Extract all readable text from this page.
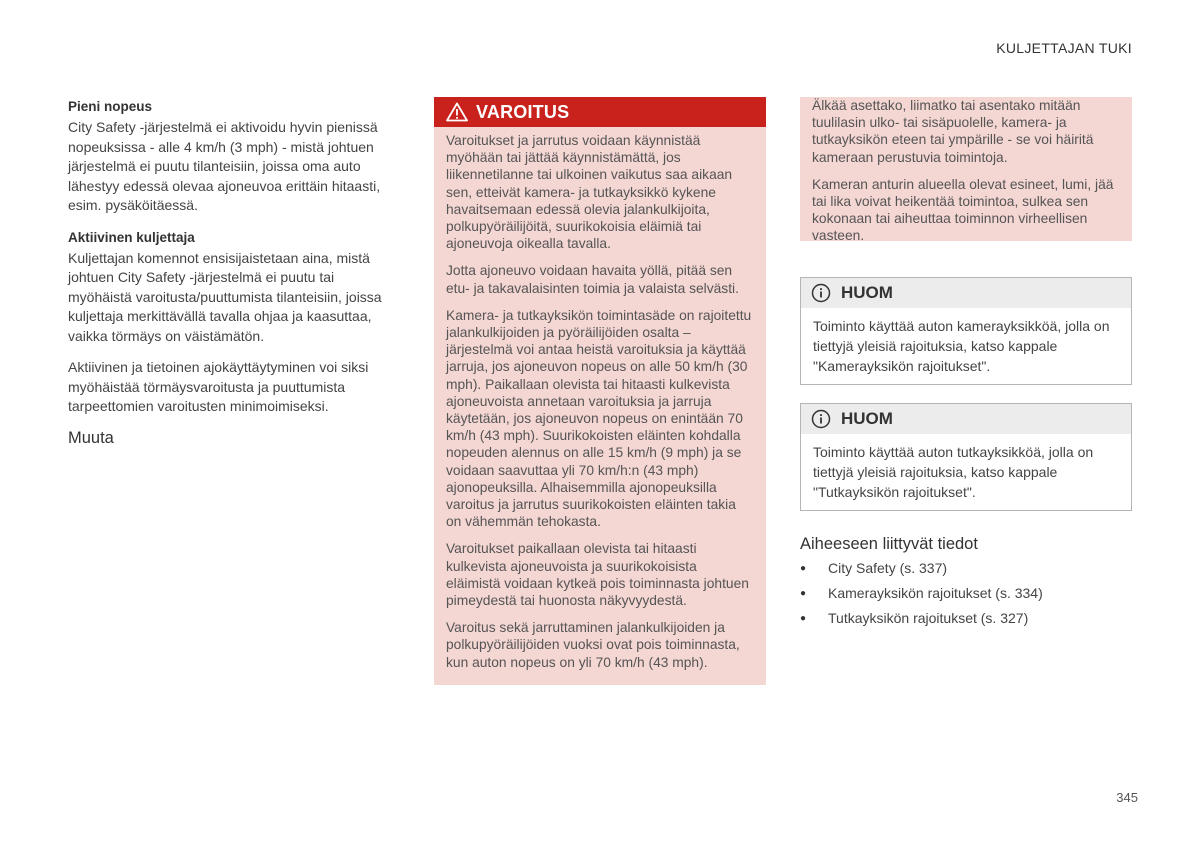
KULJETTAJAN TUKI
Pieni nopeus

City Safety -järjestelmä ei aktivoidu hyvin pienissä nopeuksissa - alle 4 km/h (3 mph) - mistä johtuen järjestelmä ei puutu tilanteisiin, joissa oma auto lähestyy edessä olevaa ajoneuvoa erittäin hitaasti, esim. pysäköitäessä.

Aktiivinen kuljettaja

Kuljettajan komennot ensisijaistetaan aina, mistä johtuen City Safety -järjestelmä ei puutu tai myöhäistä varoitusta/puuttumista tilanteisiin, joissa kuljettaja merkittävällä tavalla ohjaa ja kaasuttaa, vaikka törmäys on väistämätön.

Aktiivinen ja tietoinen ajokäyttäytyminen voi siksi myöhäistää törmäysvaroitusta ja puuttumista tarpeettomien varoitusten minimoimiseksi.

Muuta
VAROITUS

Varoitukset ja jarrutus voidaan käynnistää myöhään tai jättää käynnistämättä, jos liikennetilanne tai ulkoinen vaikutus saa aikaan sen, etteivät kamera- ja tutkayksikkö kykene havaitsemaan edessä olevia jalankulkijoita, polkupyöräilijöitä, suurikokoisia eläimiä tai ajoneuvoja oikealla tavalla.

Jotta ajoneuvo voidaan havaita yöllä, pitää sen etu- ja takavalaisinten toimia ja valaista selvästi.

Kamera- ja tutkayksikön toimintasäde on rajoitettu jalankulkijoiden ja pyöräilijöiden osalta – järjestelmä voi antaa heistä varoituksia ja käyttää jarruja, jos ajoneuvon nopeus on alle 50 km/h (30 mph). Paikallaan olevista tai hitaasti kulkevista ajoneuvoista annetaan varoituksia ja jarruja käytetään, jos ajoneuvon nopeus on enintään 70 km/h (43 mph). Suurikokoisten eläinten kohdalla nopeuden alennus on alle 15 km/h (9 mph) ja se voidaan saavuttaa yli 70 km/h:n (43 mph) ajonopeuksilla. Alhaisemmilla ajonopeuksilla varoitus ja jarrutus suurikokoisten eläinten takia on vähemmän tehokasta.

Varoitukset paikallaan olevista tai hitaasti kulkevista ajoneuvoista ja suurikokoisista eläimistä voidaan kytkeä pois toiminnasta johtuen pimeydestä tai huonosta näkyvyydestä.

Varoitus sekä jarruttaminen jalankulkijoiden ja polkupyöräilijöiden vuoksi ovat pois toiminnasta, kun auton nopeus on yli 70 km/h (43 mph).

Älkää asettako, liimatko tai asentako mitään tuulilasin ulko- tai sisäpuolelle, kamera- ja tutkayksikön eteen tai ympärille - se voi häiritä kameraan perustuvia toimintoja.

Kameran anturin alueella olevat esineet, lumi, jää tai lika voivat heikentää toimintoa, sulkea sen kokonaan tai aiheuttaa toiminnon virheellisen vasteen.

HUOM
Toiminto käyttää auton kamerayksikköä, jolla on tiettyjä yleisiä rajoituksia, katso kappale "Kamerayksikön rajoitukset".
HUOM
Toiminto käyttää auton tutkayksikköä, jolla on tiettyjä yleisiä rajoituksia, katso kappale "Tutkayksikön rajoitukset".
Aiheeseen liittyvät tiedot
●	City Safety (s. 337)
●	Kamerayksikön rajoitukset (s. 334)
●	Tutkayksikön rajoitukset (s. 327)
345
